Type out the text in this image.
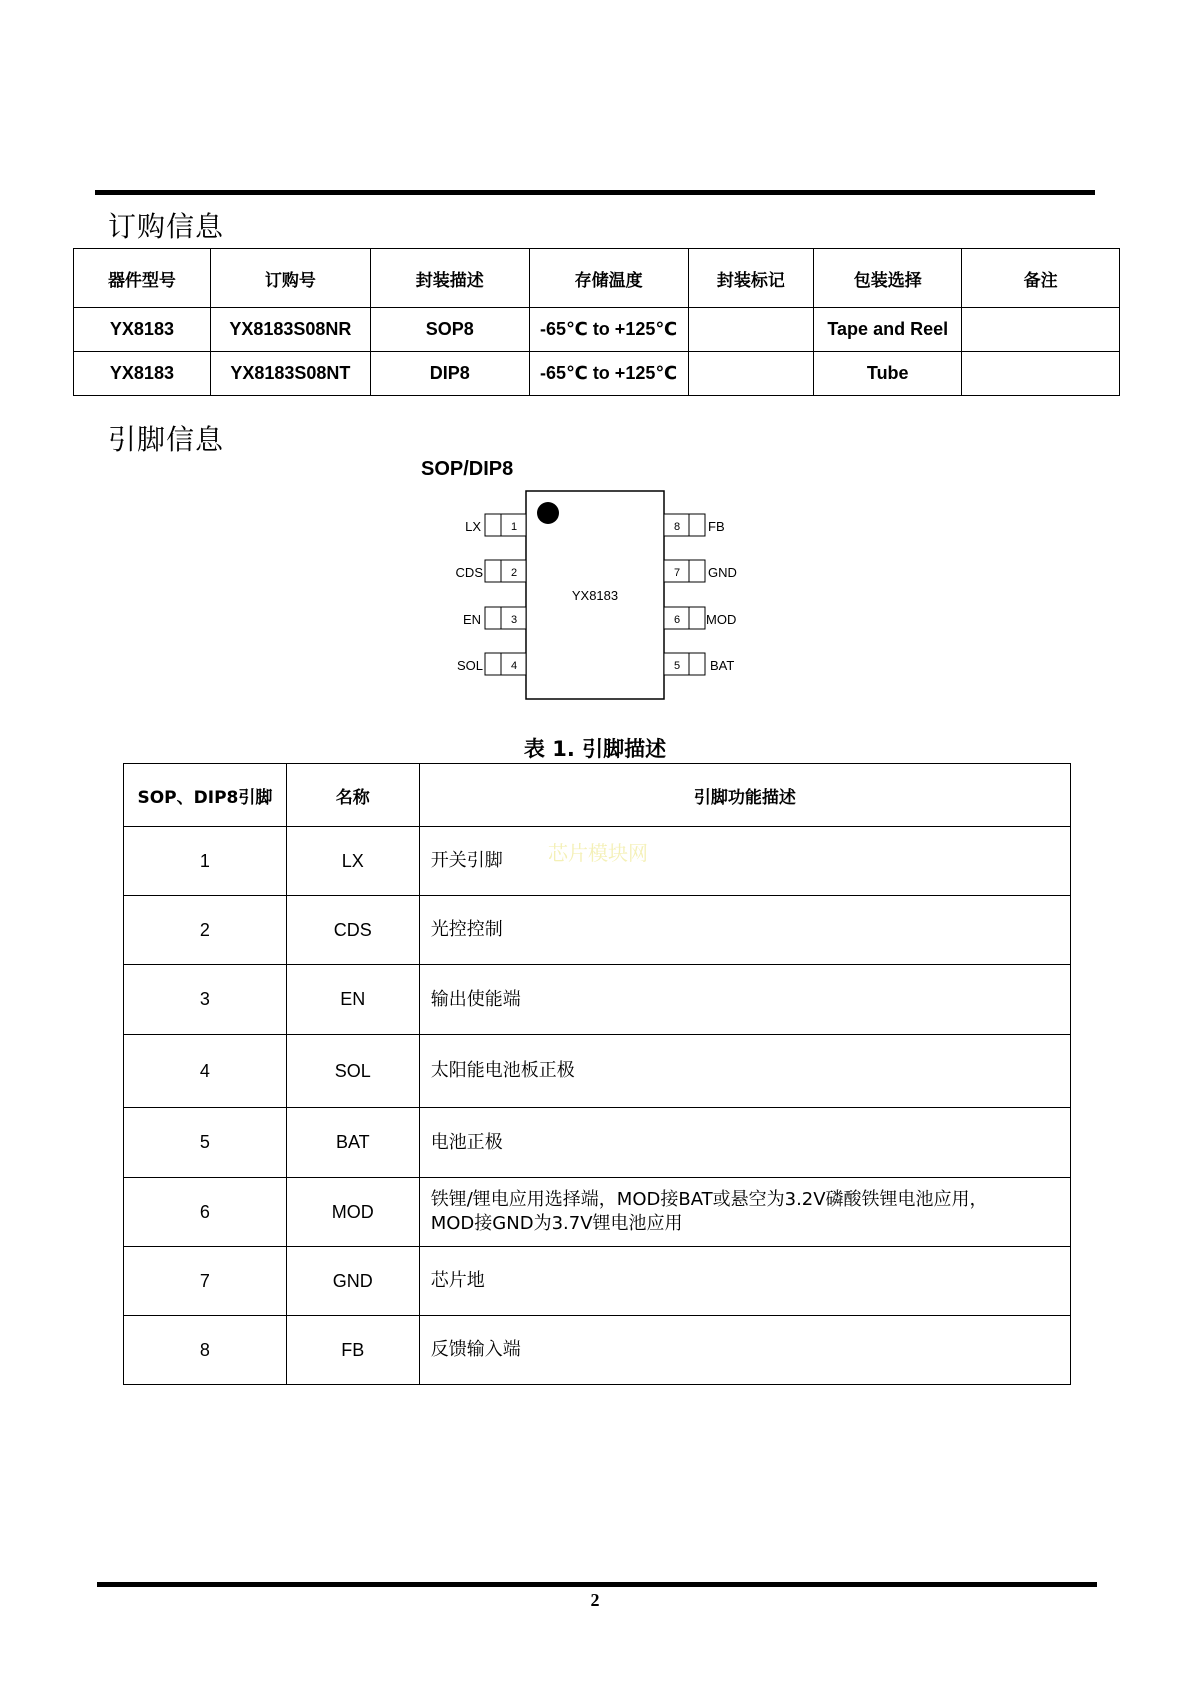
订购信息
器件型号	订购号	封装描述	存储温度	封装标记	包装选择	备注
YX8183	YX8183S08NR	SOP8	-65℃ to +125℃		Tape and Reel	
YX8183	YX8183S08NT	DIP8	-65℃ to +125℃		Tube	
引脚信息
SOP/DIP8
YX8183
1
LX
2
CDS
3
EN
4
SOL
8 FB
7 GND
6 MOD
5 BAT
表 1. 引脚描述
SOP、DIP8引脚	名称	引脚功能描述
1	LX	开关引脚
2	CDS	光控控制
3	EN	输出使能端
4	SOL	太阳能电池板正极
5	BAT	电池正极
6	MOD	铁锂/锂电应用选择端，MOD接BAT或悬空为3.2V磷酸铁锂电池应用，
MOD接GND为3.7V锂电池应用

7	GND	芯片地
8	FB	反馈输入端
芯片模块网
2
